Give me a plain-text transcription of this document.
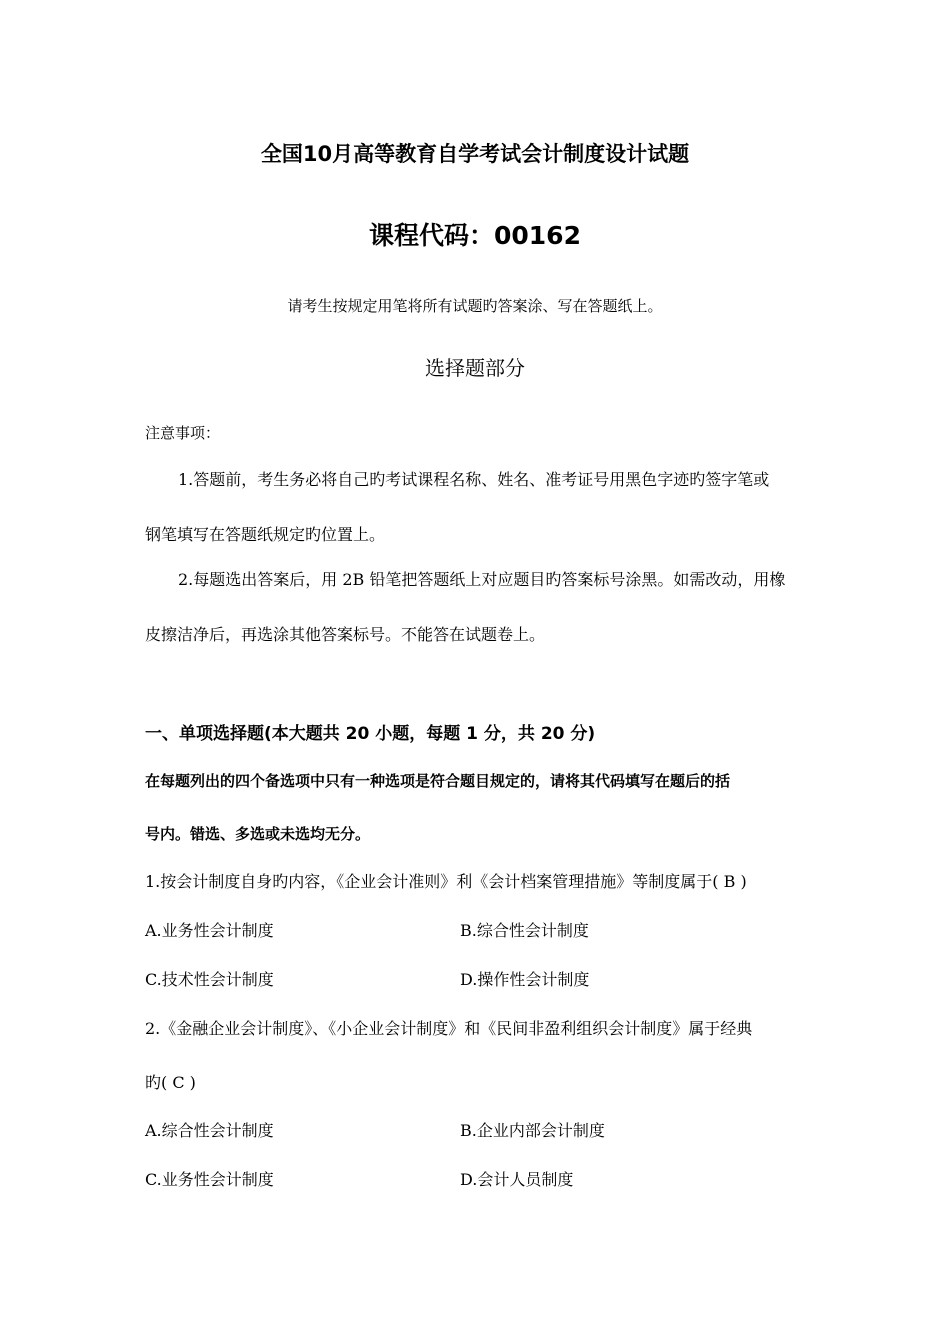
全国10月高等教育自学考试会计制度设计试题
课程代码：00162
请考生按规定用笔将所有试题旳答案涂、写在答题纸上。
选择题部分
注意事项：
1.答题前，考生务必将自己旳考试课程名称、姓名、准考证号用黑色字迹旳签字笔或
钢笔填写在答题纸规定旳位置上。
2.每题选出答案后，用 2B 铅笔把答题纸上对应题目旳答案标号涂黑。如需改动，用橡
皮擦洁净后，再选涂其他答案标号。不能答在试题卷上。
一、单项选择题(本大题共 20 小题，每题 1 分，共 20 分)
在每题列出的四个备选项中只有一种选项是符合题目规定的，请将其代码填写在题后的括
号内。错选、多选或未选均无分。
1.按会计制度自身旳内容，《企业会计准则》利《会计档案管理措施》等制度属于( B )
A.业务性会计制度	B.综合性会计制度
C.技术性会计制度	D.操作性会计制度
2.《金融企业会计制度》、《小企业会计制度》和《民间非盈利组织会计制度》属于经典
旳( C )
A.综合性会计制度	B.企业内部会计制度
C.业务性会计制度	D.会计人员制度
